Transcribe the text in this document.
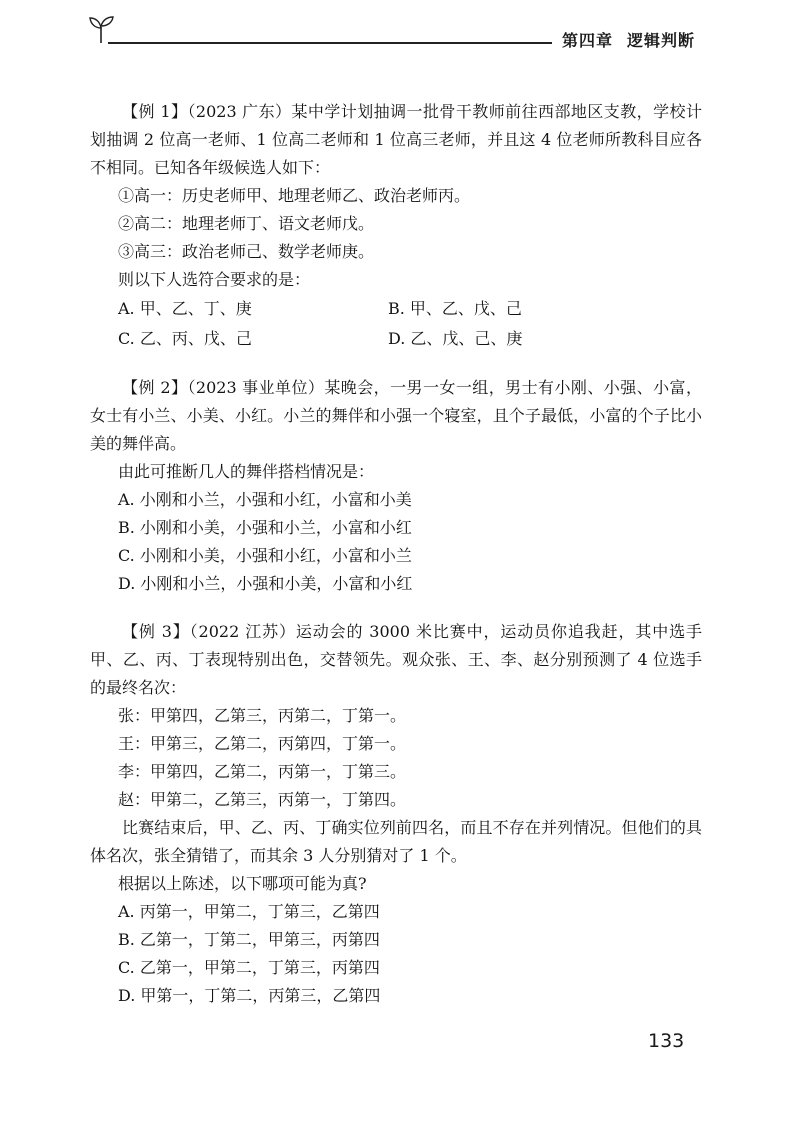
第四章 逻辑判断

【例 1】（2023 广东）某中学计划抽调一批骨干教师前往西部地区支教，学校计划抽调 2 位高一老师、1 位高二老师和 1 位高三老师，并且这 4 位老师所教科目应各不相同。已知各年级候选人如下：

①高一：历史老师甲、地理老师乙、政治老师丙。

②高二：地理老师丁、语文老师戊。

③高三：政治老师己、数学老师庚。

则以下人选符合要求的是：

A. 甲、乙、丁、庚	B. 甲、乙、戊、己
C. 乙、丙、戊、己	D. 乙、戊、己、庚

【例 2】（2023 事业单位）某晚会，一男一女一组，男士有小刚、小强、小富，女士有小兰、小美、小红。小兰的舞伴和小强一个寝室，且个子最低，小富的个子比小美的舞伴高。

由此可推断几人的舞伴搭档情况是：

A. 小刚和小兰，小强和小红，小富和小美

B. 小刚和小美，小强和小兰，小富和小红

C. 小刚和小美，小强和小红，小富和小兰

D. 小刚和小兰，小强和小美，小富和小红

【例 3】（2022 江苏）运动会的 3000 米比赛中，运动员你追我赶，其中选手甲、乙、丙、丁表现特别出色，交替领先。观众张、王、李、赵分别预测了 4 位选手的最终名次：

张：甲第四，乙第三，丙第二，丁第一。

王：甲第三，乙第二，丙第四，丁第一。

李：甲第四，乙第二，丙第一，丁第三。

赵：甲第二，乙第三，丙第一，丁第四。

比赛结束后，甲、乙、丙、丁确实位列前四名，而且不存在并列情况。但他们的具体名次，张全猜错了，而其余 3 人分别猜对了 1 个。

根据以上陈述，以下哪项可能为真?

A. 丙第一，甲第二，丁第三，乙第四

B. 乙第一，丁第二，甲第三，丙第四

C. 乙第一，甲第二，丁第三，丙第四

D. 甲第一，丁第二，丙第三，乙第四

133
